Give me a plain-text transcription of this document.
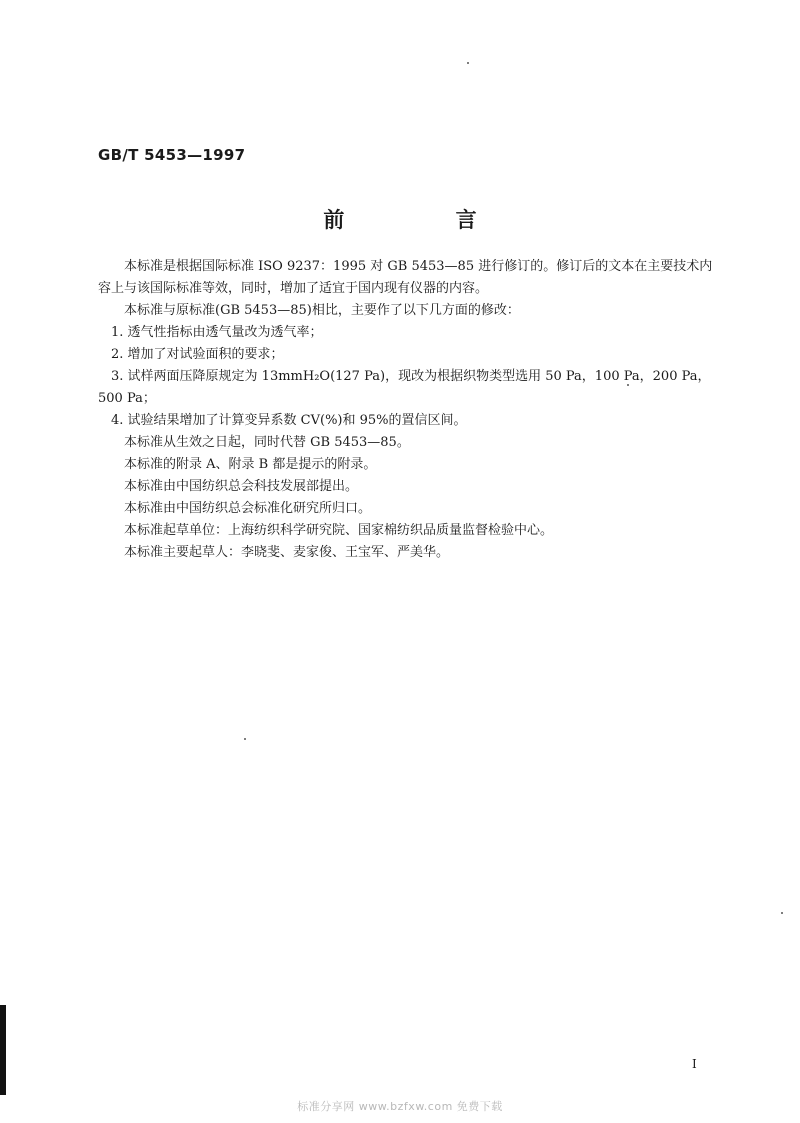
GB/T 5453—1997
前 言

本标准是根据国际标准 ISO 9237：1995 对 GB 5453—85 进行修订的。修订后的文本在主要技术内容上与该国际标准等效，同时，增加了适宜于国内现有仪器的内容。

本标准与原标准(GB 5453—85)相比，主要作了以下几方面的修改：

1. 透气性指标由透气量改为透气率；

2. 增加了对试验面积的要求；

3. 试样两面压降原规定为 13mmH₂O(127 Pa)，现改为根据织物类型选用 50 Pa，100 Pa，200 Pa，500 Pa；

4. 试验结果增加了计算变异系数 CV(%)和 95%的置信区间。

本标准从生效之日起，同时代替 GB 5453—85。

本标准的附录 A、附录 B 都是提示的附录。

本标准由中国纺织总会科技发展部提出。

本标准由中国纺织总会标准化研究所归口。

本标准起草单位：上海纺织科学研究院、国家棉纺织品质量监督检验中心。

本标准主要起草人：李晓斐、麦家俊、王宝军、严美华。

I
标准分享网 www.bzfxw.com 免费下载
